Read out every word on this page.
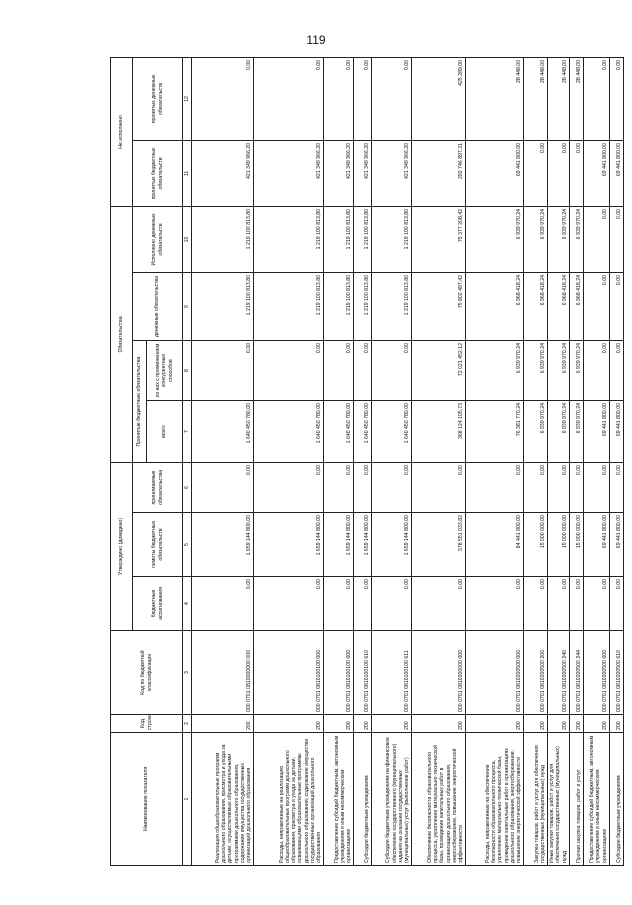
119
Наименование показателя	Код строки	Код по бюджетной классификации	Утверждено (доведено)			Обязательства				Не исполнено	
			бюджетные ассигнования	лимиты бюджетных обязательств	принимаемые обязательства	Принятые бюджетные обязательства		денежные обязательства	Исполнено денежных обязательств	принятых бюджетных обязательств	принятых денежных обязательств
						всего	из них с применением конкурентных способов				
1	2	3	4	5	6	7	8	9	10	11	12
Реализация общеобразовательных программ дошкольного образования, присмотра и ухода за детьми, осуществляемых образовательными программами дошкольного образования, содержание имущества государственных организаций дошкольного образования	200	000 0701 0810000000 000	0,00	1 659 144 800,00	0,00	1 640 450 780,00	0,00	1 219 100 813,80	1 219 100 813,80	421 349 966,20	0,00
Расходы, направленные на реализацию общеобразовательных программ дошкольного образования, присмотра и ухода за детьми, осваивающими образовательные программы дошкольного образования, содержание имущества государственных организаций дошкольного образования	200	000 0701 0810100100 000	0,00	1 659 144 800,00	0,00	1 640 450 780,00	0,00	1 219 100 813,80	1 219 100 813,80	421 349 966,20	0,00
Предоставление субсидий бюджетным, автономным учреждениям и иным некоммерческим организациям	200	000 0701 0810100100 600	0,00	1 659 144 800,00	0,00	1 640 450 780,00	0,00	1 219 100 813,80	1 219 100 813,80	421 349 966,20	0,00
Субсидии бюджетным учреждениям	200	000 0701 0810100100 610	0,00	1 659 144 800,00	0,00	1 640 450 780,00	0,00	1 219 100 813,80	1 219 100 813,80	421 349 966,20	0,00
Субсидии бюджетным учреждениям на финансовое обеспечение государственного (муниципального) задания на оказание государственных (муниципальных) услуг (выполнение работ)	200	000 0701 0810100100 611	0,00	1 659 144 800,00	0,00	1 640 450 780,00	0,00	1 219 100 813,80	1 219 100 813,80	421 349 966,20	0,00
Обеспечение безопасности образовательного процесса, укрепление материально-технической базы, проведение капитальных работ в организациях дошкольного образования, энергосбережение, повышение энергетической эффективности	200	000 0701 0810200000 000	0,00	378 551 033,82	0,00	368 124 105,73	72 021 452,12	75 802 497,42	75 377 208,42	292 746 897,31	425 289,00
Расходы, направленные на обеспечение безопасности образовательного процесса, укрепление материально-технической базы, проведение капитальных работ в организациях дошкольного образования, энергосбережение, повышение энергетической эффективности	200	000 0701 0810200500 000	0,00	84 441 800,00	0,00	76 381 770,24	6 939 970,24	6 968 418,24	6 939 970,24	69 441 800,00	28 448,00
Закупка товаров, работ и услуг для обеспечения государственных (муниципальных) нужд	200	000 0701 0810200500 200	0,00	15 000 000,00	0,00	6 939 970,24	6 939 970,24	6 968 418,24	6 939 970,24	0,00	28 448,00
Иные закупки товаров, работ и услуг для обеспечения государственных (муниципальных) нужд	200	000 0701 0810200500 240	0,00	15 000 000,00	0,00	6 939 970,24	6 939 970,24	6 968 418,24	6 939 970,24	0,00	28 448,00
Прочая закупка товаров, работ и услуг	200	000 0701 0810200500 244	0,00	15 000 000,00	0,00	6 939 970,24	6 939 970,24	6 968 418,24	6 939 970,24	0,00	28 448,00
Предоставление субсидий бюджетным, автономным учреждениям и иным некоммерческим организациям	200	000 0701 0810200500 600	0,00	69 441 800,00	0,00	69 441 800,00	0,00	0,00	0,00	69 441 800,00	0,00
Субсидии бюджетным учреждениям	200	000 0701 0810200500 610	0,00	69 441 800,00	0,00	69 441 800,00	0,00	0,00	0,00	69 441 800,00	0,00
